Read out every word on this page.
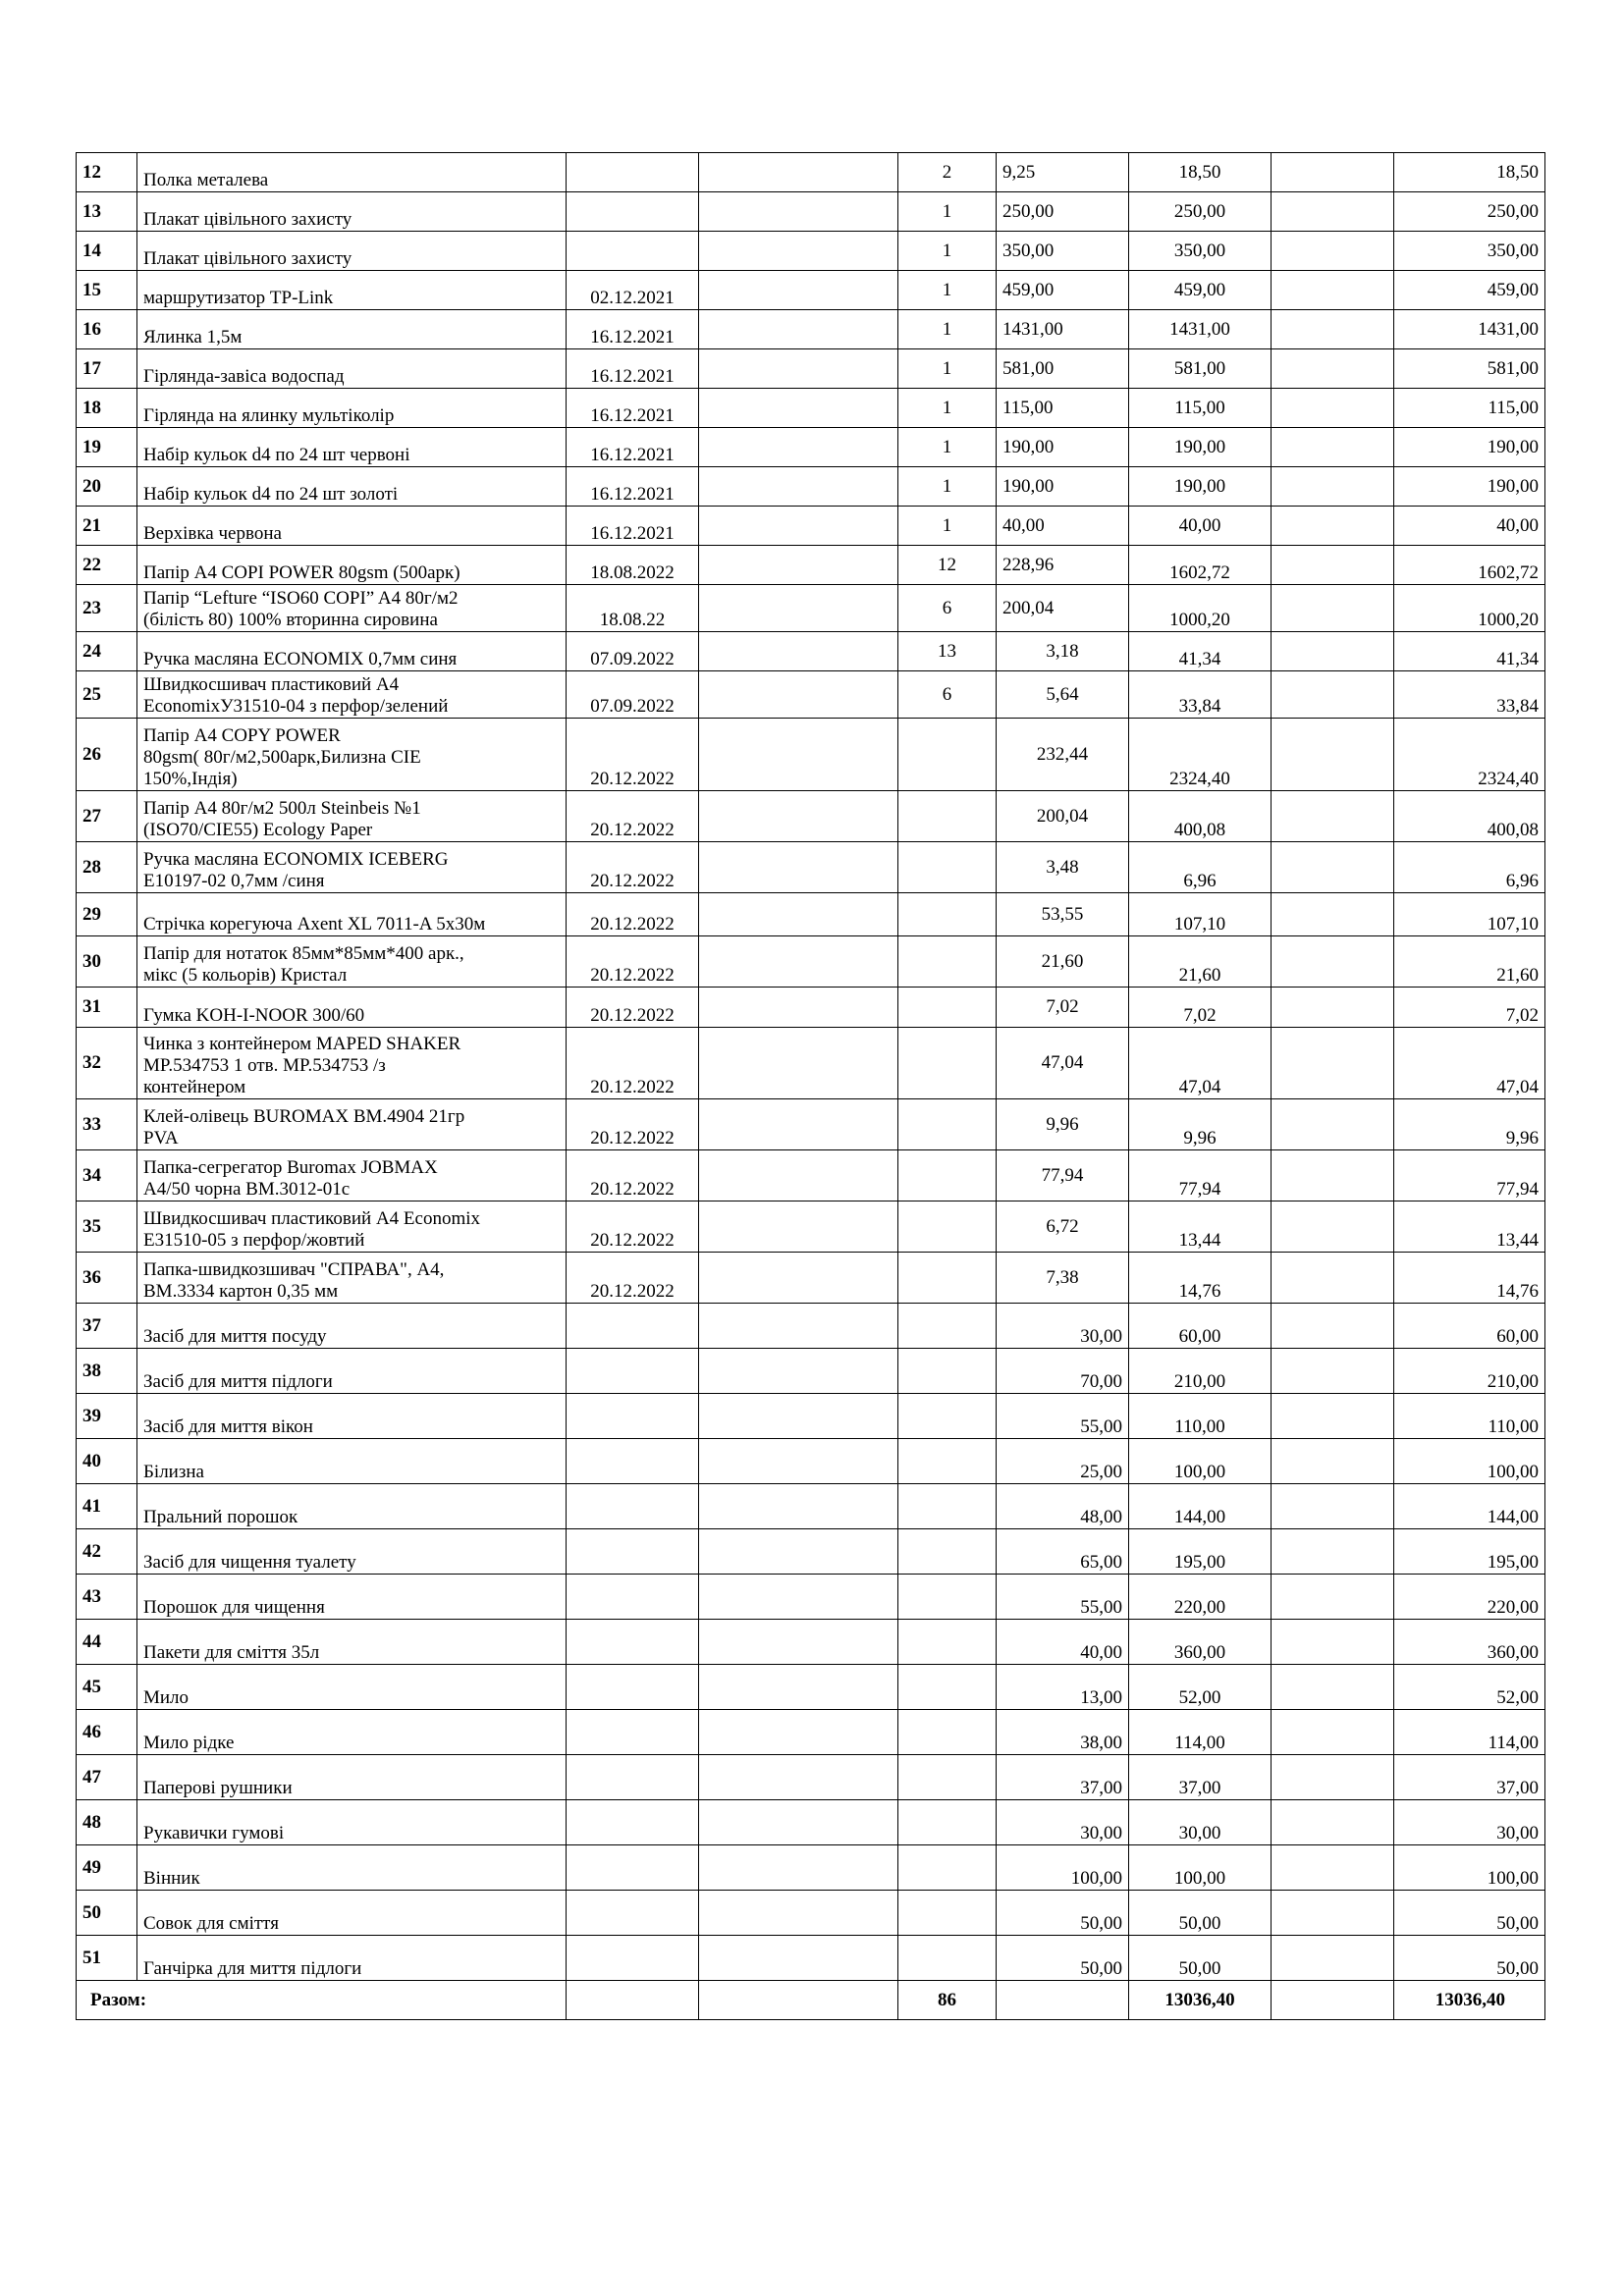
12	Полка металева			2	9,25	18,50		18,50
13	Плакат цівільного захисту			1	250,00	250,00		250,00
14	Плакат цівільного захисту			1	350,00	350,00		350,00
15	маршрутизатор TP-Link	02.12.2021		1	459,00	459,00		459,00
16	Ялинка 1,5м	16.12.2021		1	1431,00	1431,00		1431,00
17	Гірлянда-завіса водоспад	16.12.2021		1	581,00	581,00		581,00
18	Гірлянда на ялинку мультіколір	16.12.2021		1	115,00	115,00		115,00
19	Набір кульок d4 по 24 шт червоні	16.12.2021		1	190,00	190,00		190,00
20	Набір кульок d4 по 24 шт золоті	16.12.2021		1	190,00	190,00		190,00
21	Верхівка червона	16.12.2021		1	40,00	40,00		40,00
22	Папір А4 COPI POWER 80gsm (500арк)	18.08.2022		12	228,96	1602,72		1602,72
23	Папір “Lefture “ISO60 COPI” A4 80г/м2
(білість 80) 100% вторинна сировина	18.08.22		6	200,04	1000,20		1000,20
24	Ручка масляна ECONOMIX 0,7мм синя	07.09.2022		13	3,18	41,34		41,34
25	Швидкосшивач пластиковий А4
EconomixУ31510-04 з перфор/зелений	07.09.2022		6	5,64	33,84		33,84
26	Папір А4 COPY POWER
80gsm( 80г/м2,500арк,Билизна CIE
150%,Індія)	20.12.2022			232,44	2324,40		2324,40
27	Папір А4 80г/м2 500л Steinbeis №1
(ISO70/CIE55) Ecology Paper	20.12.2022			200,04	400,08		400,08
28	Ручка масляна ECONOMIX ICEBERG
E10197-02 0,7мм /синя	20.12.2022			3,48	6,96		6,96
29	Стрічка корегуюча Axent XL 7011-A 5х30м	20.12.2022			53,55	107,10		107,10
30	Папір для нотаток 85мм*85мм*400 арк.,
мікс (5 кольорів) Кристал	20.12.2022			21,60	21,60		21,60
31	Гумка KOH-I-NOOR 300/60	20.12.2022			7,02	7,02		7,02
32	Чинка з контейнером MAPED SHAKER
MP.534753 1 отв. MP.534753 /з
контейнером	20.12.2022			47,04	47,04		47,04
33	Клей-олівець BUROMAX BM.4904 21гр
PVA	20.12.2022			9,96	9,96		9,96
34	Папка-сегрегатор Buromax JOBMAX
A4/50 чорна BM.3012-01c	20.12.2022			77,94	77,94		77,94
35	Швидкосшивач пластиковий А4 Economix
E31510-05 з перфор/жовтий	20.12.2022			6,72	13,44		13,44
36	Папка-швидкозшивач "СПРАВА", А4,
ВМ.3334 картон 0,35 мм	20.12.2022			7,38	14,76		14,76
37	Засіб для миття посуду				30,00	60,00		60,00
38	Засіб для миття підлоги				70,00	210,00		210,00
39	Засіб для миття вікон				55,00	110,00		110,00
40	Білизна				25,00	100,00		100,00
41	Пральний порошок				48,00	144,00		144,00
42	Засіб для чищення туалету				65,00	195,00		195,00
43	Порошок для чищення				55,00	220,00		220,00
44	Пакети для сміття 35л				40,00	360,00		360,00
45	Мило				13,00	52,00		52,00
46	Мило рідке				38,00	114,00		114,00
47	Паперові рушники				37,00	37,00		37,00
48	Рукавички гумові				30,00	30,00		30,00
49	Вінник				100,00	100,00		100,00
50	Совок для сміття				50,00	50,00		50,00
51	Ганчірка для миття підлоги				50,00	50,00		50,00
Разом:				86		13036,40		13036,40
